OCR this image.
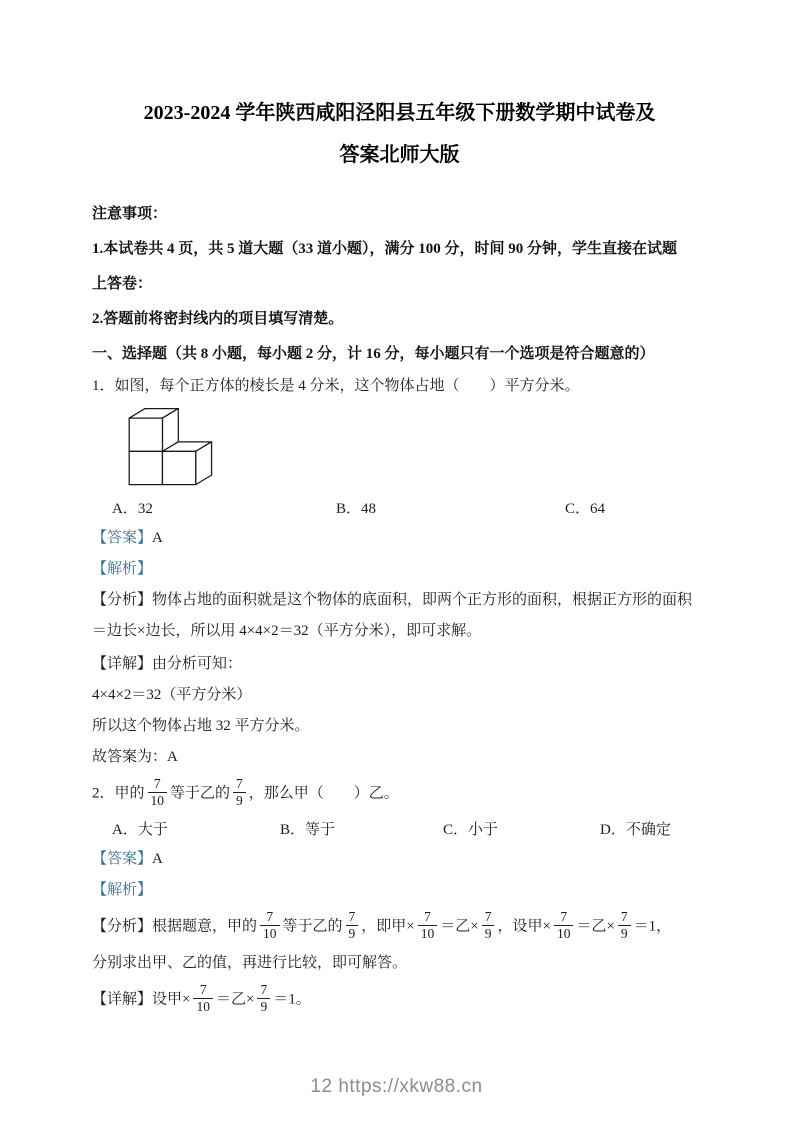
2023-2024 学年陕西咸阳泾阳县五年级下册数学期中试卷及
答案北师大版
注意事项：
1.本试卷共 4 页，共 5 道大题（33 道小题），满分 100 分，时间 90 分钟，学生直接在试题
上答卷：
2.答题前将密封线内的项目填写清楚。
一、选择题（共 8 小题，每小题 2 分，计 16 分，每小题只有一个选项是符合题意的）
1．如图，每个正方体的棱长是 4 分米，这个物体占地（　　）平方分米。
A．32	B．48	C．64
【答案】A
【解析】
【分析】物体占地的面积就是这个物体的底面积，即两个正方形的面积，根据正方形的面积
＝边长×边长，所以用 4×4×2＝32（平方分米），即可求解。
【详解】由分析可知：
4×4×2＝32（平方分米）
所以这个物体占地 32 平方分米。
故答案为：A
2．甲的 $\frac{7}{10}$ 等于乙的 $\frac{7}{9}$ ，那么甲（　　）乙。
A．大于	B．等于	C．小于	D．不确定
【答案】A
【解析】
【分析】根据题意，甲的 $\frac{7}{10}$ 等于乙的 $\frac{7}{9}$ ，即甲× $\frac{7}{10}$ ＝乙× $\frac{7}{9}$ ，设甲× $\frac{7}{10}$ ＝乙× $\frac{7}{9} =1$，
分别求出甲、乙的值，再进行比较，即可解答。
【详解】设甲× $\frac{7}{10}$ ＝乙× $\frac{7}{9} =1$。
12 https://xkw88.cn
